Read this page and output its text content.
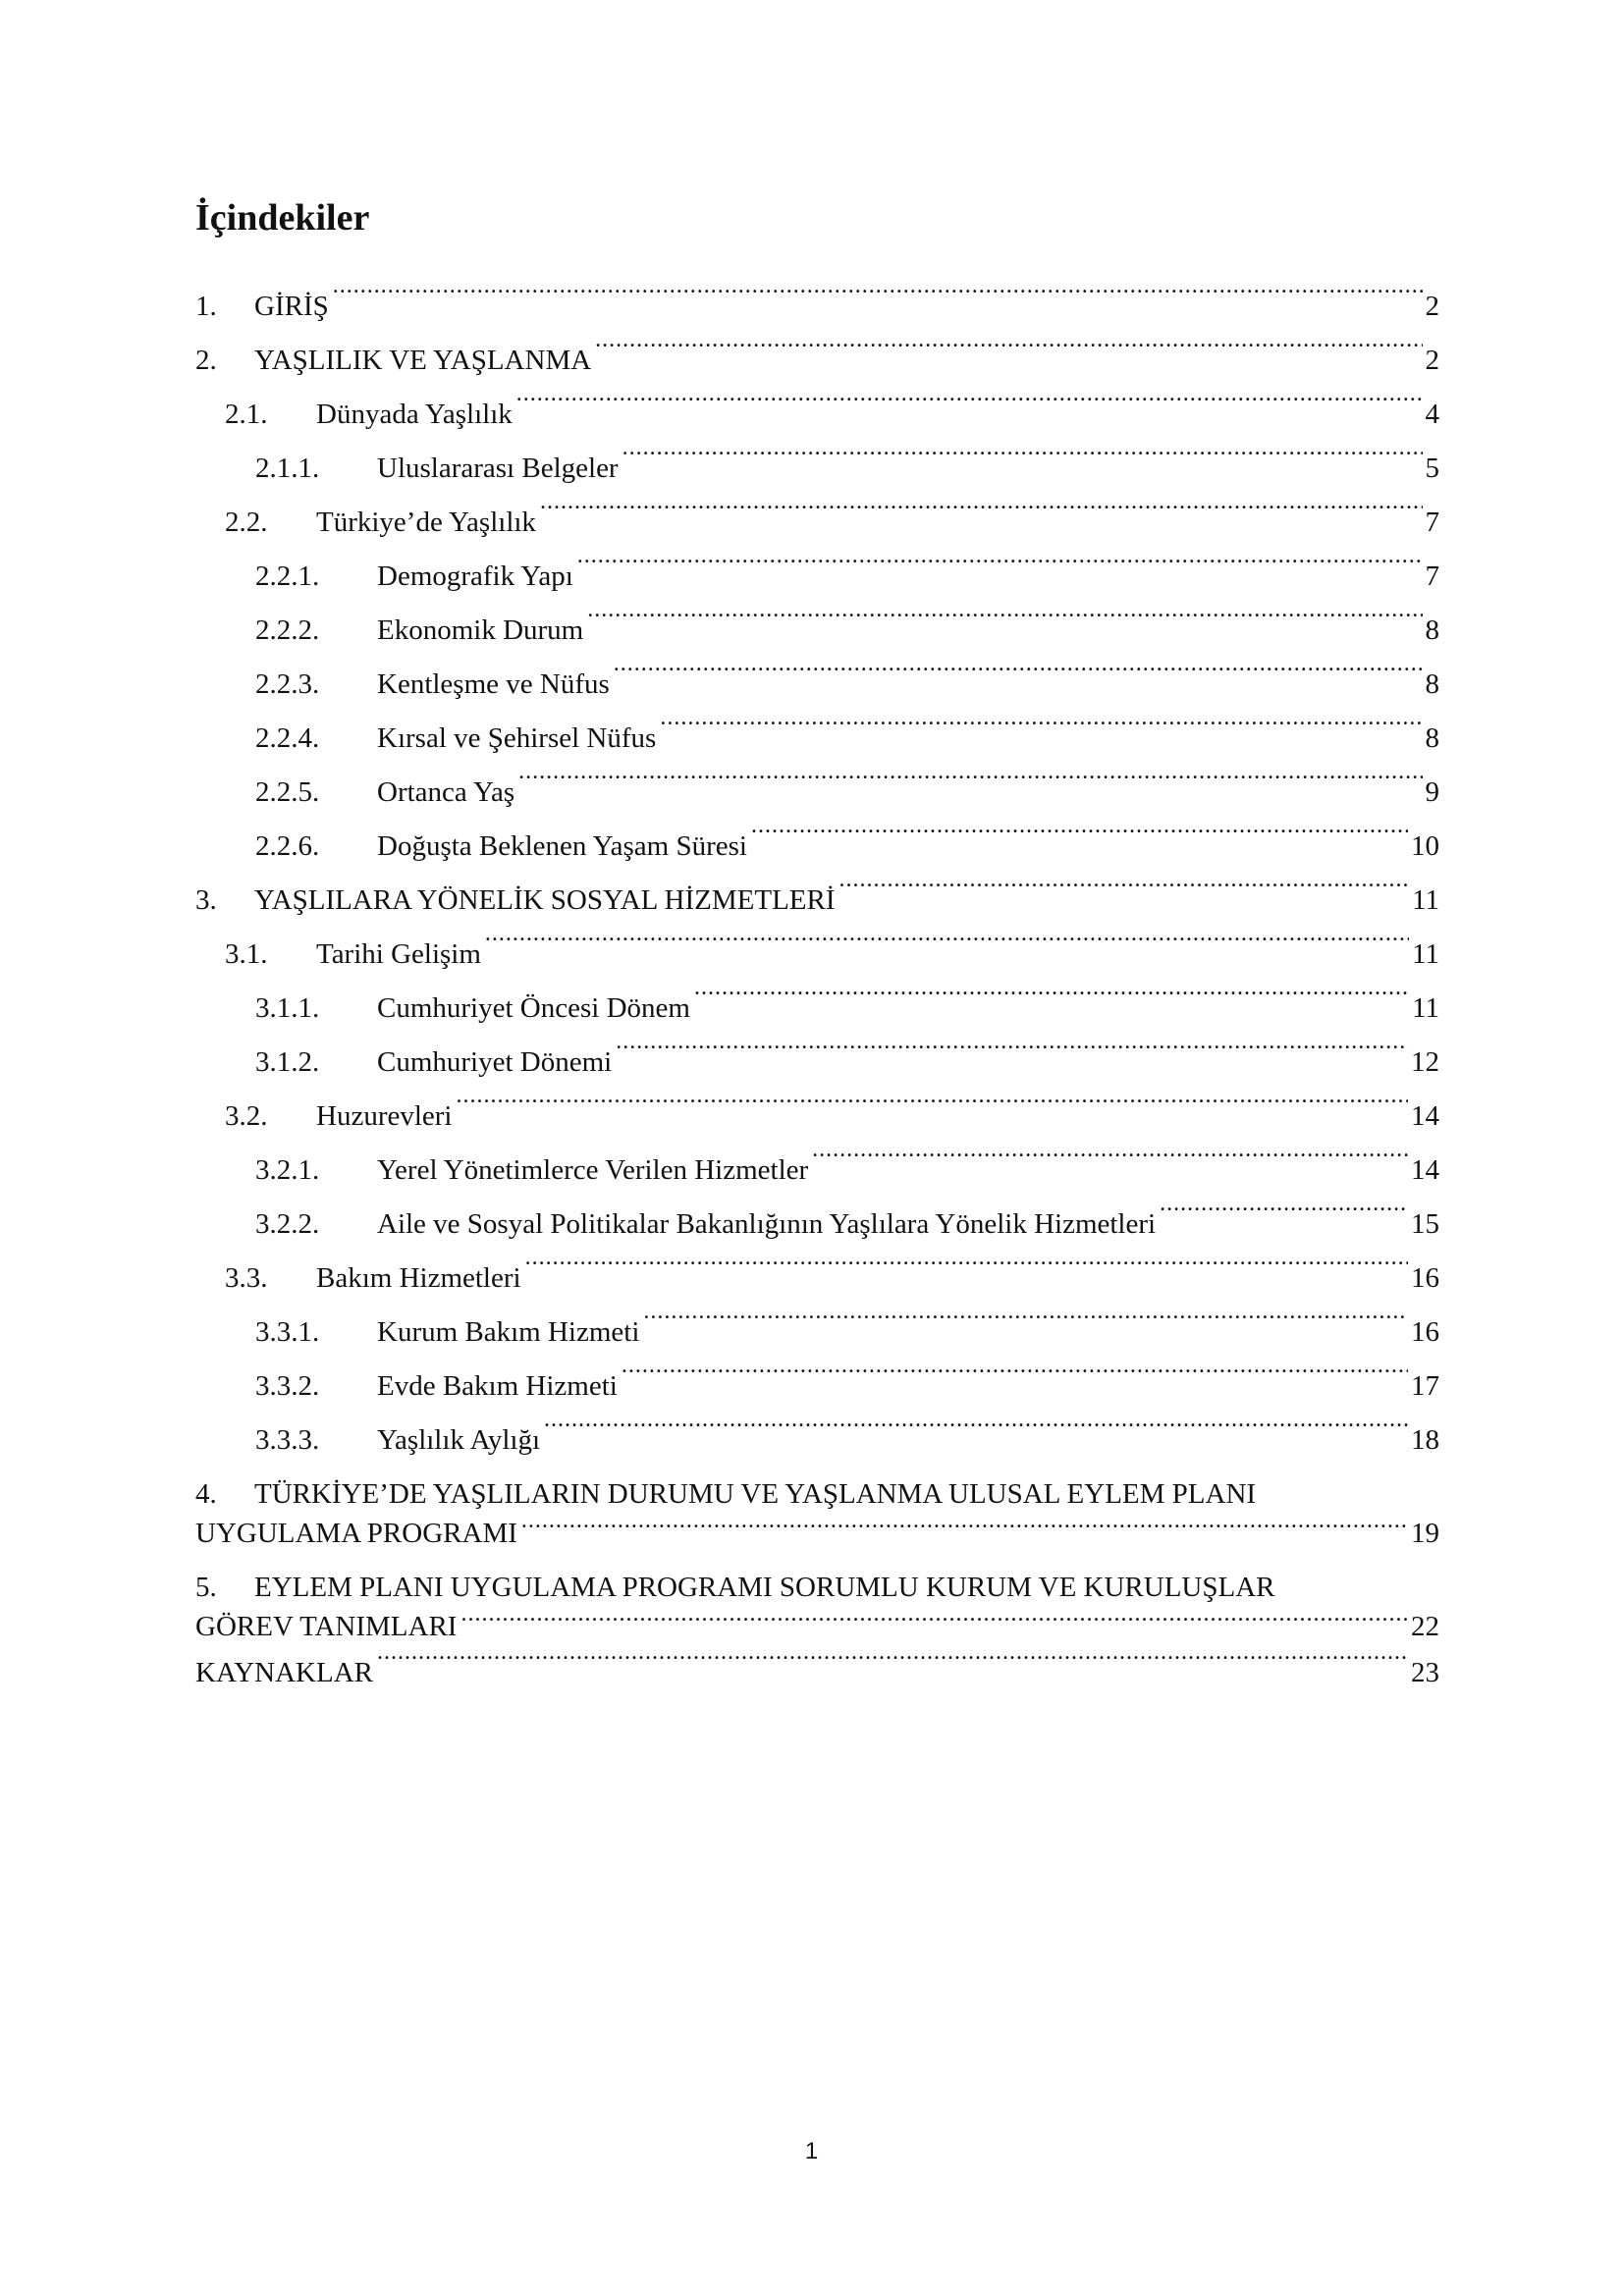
İçindekiler
1.	GİRİŞ .....	2
2.	YAŞLILIK VE YAŞLANMA .....	2
2.1.	Dünyada Yaşlılık .....	4
2.1.1.	Uluslararası Belgeler .....	5
2.2.	Türkiye’de Yaşlılık .....	7
2.2.1.	Demografik Yapı .....	7
2.2.2.	Ekonomik Durum .....	8
2.2.3.	Kentleşme ve Nüfus .....	8
2.2.4.	Kırsal ve Şehirsel Nüfus .....	8
2.2.5.	Ortanca Yaş .....	9
2.2.6.	Doğuşta Beklenen Yaşam Süresi .....	10
3.	YAŞLILARA YÖNELİK SOSYAL HİZMETLERİ .....	11
3.1.	Tarihi Gelişim .....	11
3.1.1.	Cumhuriyet Öncesi Dönem .....	11
3.1.2.	Cumhuriyet Dönemi .....	12
3.2.	Huzurevleri .....	14
3.2.1.	Yerel Yönetimlerce Verilen Hizmetler .....	14
3.2.2.	Aile ve Sosyal Politikalar Bakanlığının Yaşlılara Yönelik Hizmetleri .....	15
3.3.	Bakım Hizmetleri .....	16
3.3.1.	Kurum Bakım Hizmeti .....	16
3.3.2.	Evde Bakım Hizmeti .....	17
3.3.3.	Yaşlılık Aylığı .....	18
4. TÜRKİYE’DE YAŞLILARIN DURUMU VE YAŞLANMA ULUSAL EYLEM PLANI
UYGULAMA PROGRAMI .....	19
5. EYLEM PLANI UYGULAMA PROGRAMI SORUMLU KURUM VE KURULUŞLAR
GÖREV TANIMLARI .....	22
KAYNAKLAR .....	23
1
